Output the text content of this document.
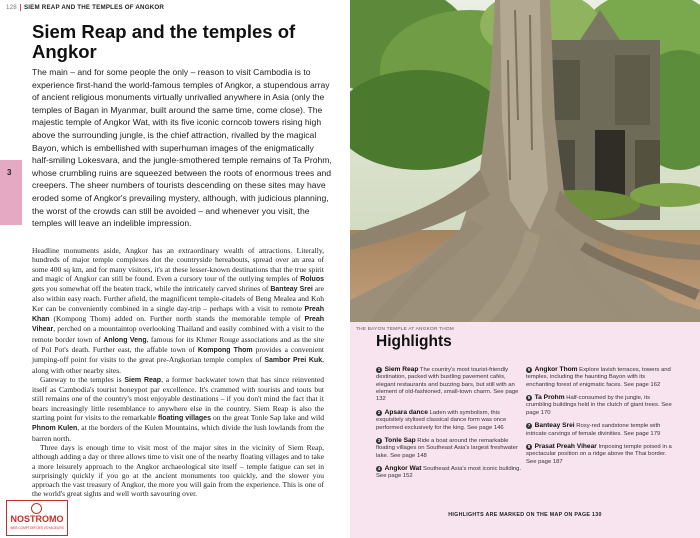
128 SIEM REAP AND THE TEMPLES OF ANGKOR
3
Siem Reap and the temples of Angkor

The main – and for some people the only – reason to visit Cambodia is to experience first-hand the world-famous temples of Angkor, a stupendous array of ancient religious monuments virtually unrivalled anywhere in Asia (only the temples of Bagan in Myanmar, built around the same time, come close). The majestic temple of Angkor Wat, with its five iconic corncob towers rising high above the surrounding jungle, is the chief attraction, rivalled by the magical Bayon, which is embellished with superhuman images of the enigmatically half-smiling Lokesvara, and the jungle-smothered temple remains of Ta Prohm, whose crumbling ruins are squeezed between the roots of enormous trees and creepers. The sheer numbers of tourists descending on these sites may have eroded some of Angkor's prevailing mystery, although, with judicious planning, the worst of the crowds can still be avoided – and whenever you visit, the temples will leave an indelible impression.

Headline monuments aside, Angkor has an extraordinary wealth of attractions. Literally, hundreds of major temple complexes dot the countryside hereabouts, spread over an area of some 400 sq km, and for many visitors, it's at these lesser-known destinations that the true spirit and magic of Angkor can still be found. Even a cursory tour of the outlying temples of Roluos gets you somewhat off the beaten track, while the intricately carved shrines of Banteay Srei are also within easy reach. Further afield, the magnificent temple-citadels of Beng Mealea and Koh Ker can be conveniently combined in a single day-trip – perhaps with a visit to remote Preah Khan (Kompong Thom) added on. Further north stands the memorable temple of Preah Vihear, perched on a mountaintop overlooking Thailand and easily combined with a visit to the remote border town of Anlong Veng, famous for its Khmer Rouge associations and as the site of Pol Pot's death. Further east, the affable town of Kompong Thom provides a convenient jumping-off point for visits to the great pre-Angkorian temple complex of Sambor Prei Kuk, along with other nearby sites.

Gateway to the temples is Siem Reap, a former backwater town that has since reinvented itself as Cambodia's tourist honeypot par excellence. It's crammed with tourists and touts but still remains one of the country's most enjoyable destinations – if you don't mind the fact that it bears increasingly little resemblance to anywhere else in the country. Siem Reap is also the starting point for visits to the remarkable floating villages on the great Tonle Sap lake and wild Phnom Kulen, at the borders of the Kulen Mountains, which divide the lush lowlands from the barren north.

Three days is enough time to visit most of the major sites in the vicinity of Siem Reap, although adding a day or three allows time to visit one of the nearby floating villages and to take a more leisurely approach to the Angkor archaeological site itself – temple fatigue can set in surprisingly quickly if you go at the ancient monuments too quickly, and the slower you approach the vast treasury of Angkor, the more you will gain from the experience. This is one of the world's great sights and well worth savouring over.

NOSTROMO
WEB COMPTOIR DES VOYAGEURS
THE BAYON TEMPLE AT ANGKOR THOM
Highlights
1 Siem Reap The country's most tourist-friendly destination, packed with bustling pavement cafés, elegant restaurants and buzzing bars, but still with an element of old-fashioned, small-town charm. See page 132
2 Apsara dance Laden with symbolism, this exquisitely stylised classical dance form was once performed exclusively for the king. See page 146
3 Tonle Sap Ride a boat around the remarkable floating villages on Southeast Asia's largest freshwater lake. See page 148
4 Angkor Wat Southeast Asia's most iconic building. See page 152
5 Angkor Thom Explore lavish terraces, towers and temples, including the haunting Bayon with its enchanting forest of enigmatic faces. See page 162
6 Ta Prohm Half-consumed by the jungle, its crumbling buildings held in the clutch of giant trees. See page 170
7 Banteay Srei Rosy-red sandstone temple with intricate carvings of female divinities. See page 179
8 Prasat Preah Vihear Imposing temple poised in a spectacular position on a ridge above the Thai border. See page 187
HIGHLIGHTS ARE MARKED ON THE MAP ON PAGE 130
